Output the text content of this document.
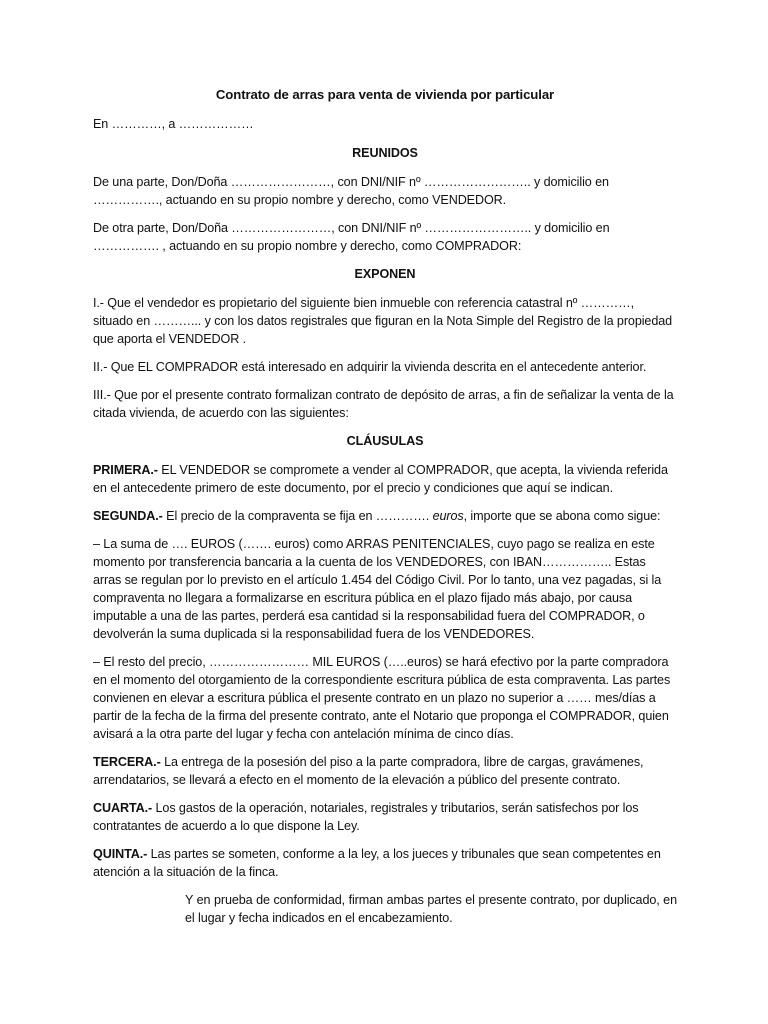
Contrato de arras para venta de vivienda por particular
En …………, a ………………
REUNIDOS
De una parte, Don/Doña ……………………, con DNI/NIF nº …………………….. y domicilio en ……………., actuando en su propio nombre y derecho, como VENDEDOR.
De otra parte, Don/Doña ……………………, con DNI/NIF nº …………………….. y domicilio en ……………. , actuando en su propio nombre y derecho, como COMPRADOR:
EXPONEN
I.- Que el vendedor es propietario del siguiente bien inmueble con referencia catastral nº …………, situado en ………... y con los datos registrales que figuran en la Nota Simple del Registro de la propiedad que aporta el VENDEDOR .
II.- Que EL COMPRADOR está interesado en adquirir la vivienda descrita en el antecedente anterior.
III.- Que por el presente contrato formalizan contrato de depósito de arras, a fin de señalizar la venta de la citada vivienda, de acuerdo con las siguientes:
CLÁUSULAS
PRIMERA.- EL VENDEDOR se compromete a vender al COMPRADOR, que acepta, la vivienda referida en el antecedente primero de este documento, por el precio y condiciones que aquí se indican.
SEGUNDA.- El precio de la compraventa se fija en …………. euros, importe que se abona como sigue:
– La suma de …. EUROS (……. euros) como ARRAS PENITENCIALES, cuyo pago se realiza en este momento por transferencia bancaria a la cuenta de los VENDEDORES, con IBAN…………….. Estas arras se regulan por lo previsto en el artículo 1.454 del Código Civil. Por lo tanto, una vez pagadas, si la compraventa no llegara a formalizarse en escritura pública en el plazo fijado más abajo, por causa imputable a una de las partes, perderá esa cantidad si la responsabilidad fuera del COMPRADOR, o devolverán la suma duplicada si la responsabilidad fuera de los VENDEDORES.
– El resto del precio, …………………… MIL EUROS (…..euros) se hará efectivo por la parte compradora en el momento del otorgamiento de la correspondiente escritura pública de esta compraventa. Las partes convienen en elevar a escritura pública el presente contrato en un plazo no superior a …… mes/días a partir de la fecha de la firma del presente contrato, ante el Notario que proponga el COMPRADOR, quien avisará a la otra parte del lugar y fecha con antelación mínima de cinco días.
TERCERA.- La entrega de la posesión del piso a la parte compradora, libre de cargas, gravámenes, arrendatarios, se llevará a efecto en el momento de la elevación a público del presente contrato.
CUARTA.- Los gastos de la operación, notariales, registrales y tributarios, serán satisfechos por los contratantes de acuerdo a lo que dispone la Ley.
QUINTA.- Las partes se someten, conforme a la ley, a los jueces y tribunales que sean competentes en atención a la situación de la finca.
Y en prueba de conformidad, firman ambas partes el presente contrato, por duplicado, en el lugar y fecha indicados en el encabezamiento.
